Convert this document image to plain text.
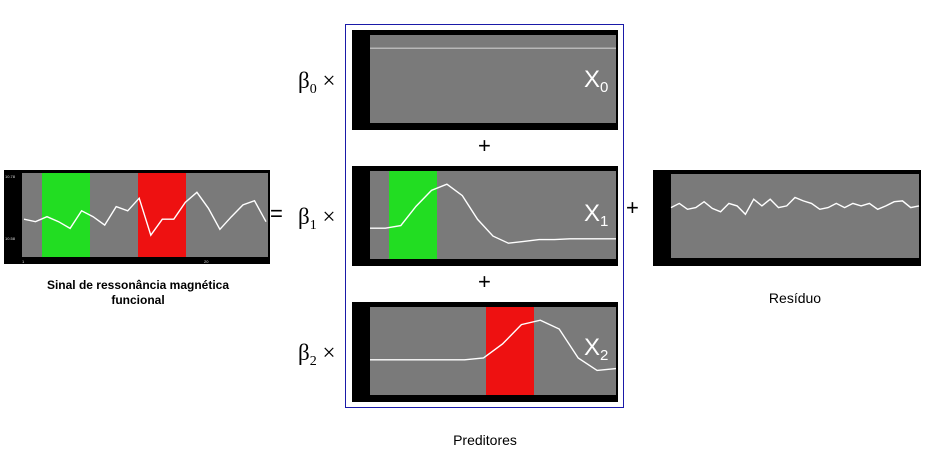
10.78
10.58
1	20
Sinal de ressonância magnética
funcional
=
$\beta_0$ ×	$X_0$
+
$\beta_1$ ×	$X_1$
+
$\beta_2$ ×	$X_2$
Preditores
+
Resíduo
